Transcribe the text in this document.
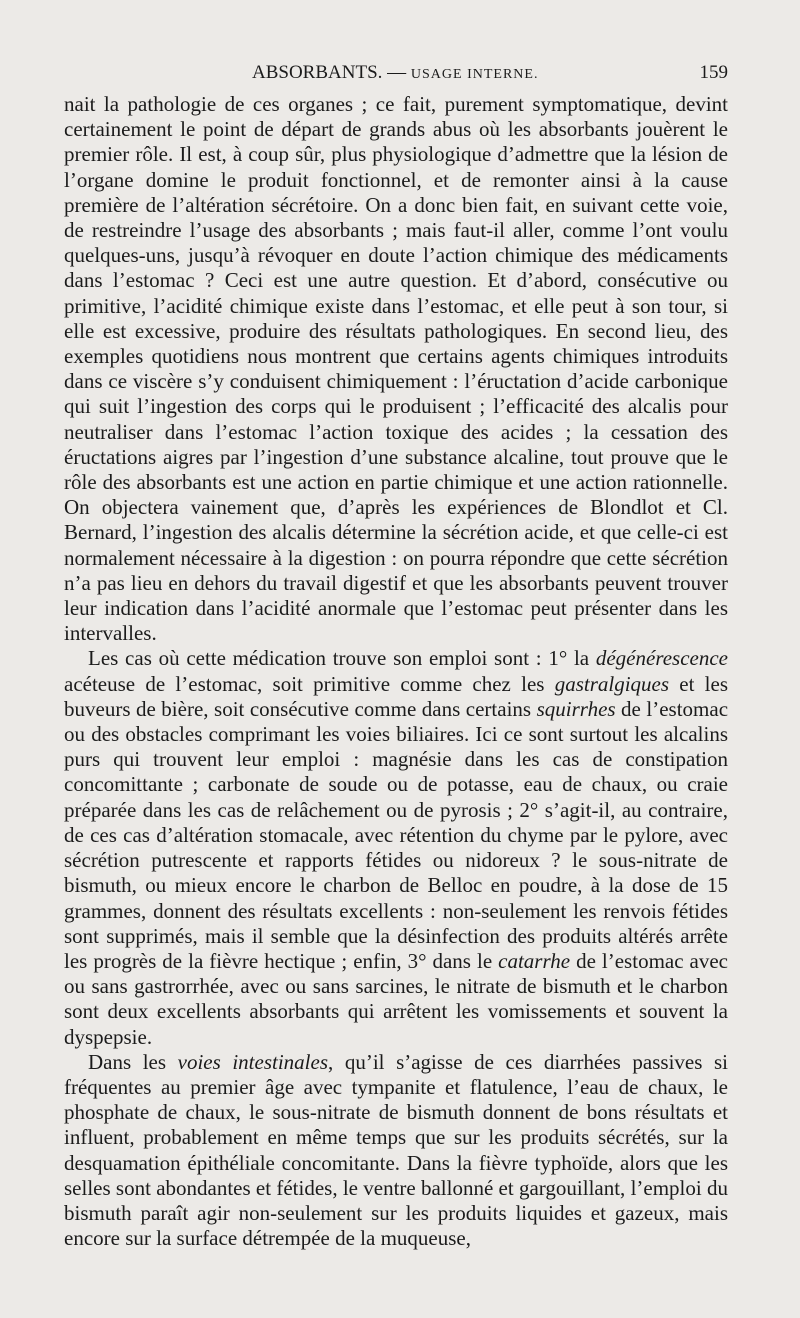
ABSORBANTS. — USAGE INTERNE.	159

nait la pathologie de ces organes ; ce fait, purement symptomatique, devint certainement le point de départ de grands abus où les absorbants jouèrent le premier rôle. Il est, à coup sûr, plus physiologique d’admettre que la lésion de l’organe domine le produit fonctionnel, et de remonter ainsi à la cause première de l’altération sécrétoire. On a donc bien fait, en suivant cette voie, de restreindre l’usage des absorbants ; mais faut-il aller, comme l’ont voulu quelques-uns, jusqu’à révoquer en doute l’action chimique des médicaments dans l’estomac ? Ceci est une autre question. Et d’abord, consécutive ou primitive, l’acidité chimique existe dans l’estomac, et elle peut à son tour, si elle est excessive, produire des résultats pathologiques. En second lieu, des exemples quotidiens nous montrent que certains agents chimiques introduits dans ce viscère s’y conduisent chimiquement : l’éructation d’acide carbonique qui suit l’ingestion des corps qui le produisent ; l’efficacité des alcalis pour neutraliser dans l’estomac l’action toxique des acides ; la cessation des éructations aigres par l’ingestion d’une substance alcaline, tout prouve que le rôle des absorbants est une action en partie chimique et une action rationnelle. On objectera vainement que, d’après les expériences de Blondlot et Cl. Bernard, l’ingestion des alcalis détermine la sécrétion acide, et que celle-ci est normalement nécessaire à la digestion : on pourra répondre que cette sécrétion n’a pas lieu en dehors du travail digestif et que les absorbants peuvent trouver leur indication dans l’acidité anormale que l’estomac peut présenter dans les intervalles.

Les cas où cette médication trouve son emploi sont : 1° la dégénérescence acéteuse de l’estomac, soit primitive comme chez les gastralgiques et les buveurs de bière, soit consécutive comme dans certains squirrhes de l’estomac ou des obstacles comprimant les voies biliaires. Ici ce sont surtout les alcalins purs qui trouvent leur emploi : magnésie dans les cas de constipation concomittante ; carbonate de soude ou de potasse, eau de chaux, ou craie préparée dans les cas de relâchement ou de pyrosis ; 2° s’agit-il, au contraire, de ces cas d’altération stomacale, avec rétention du chyme par le pylore, avec sécrétion putrescente et rapports fétides ou nidoreux ? le sous-nitrate de bismuth, ou mieux encore le charbon de Belloc en poudre, à la dose de 15 grammes, donnent des résultats excellents : non-seulement les renvois fétides sont supprimés, mais il semble que la désinfection des produits altérés arrête les progrès de la fièvre hectique ; enfin, 3° dans le catarrhe de l’estomac avec ou sans gastrorrhée, avec ou sans sarcines, le nitrate de bismuth et le charbon sont deux excellents absorbants qui arrêtent les vomissements et souvent la dyspepsie.

Dans les voies intestinales, qu’il s’agisse de ces diarrhées passives si fréquentes au premier âge avec tympanite et flatulence, l’eau de chaux, le phosphate de chaux, le sous-nitrate de bismuth donnent de bons résultats et influent, probablement en même temps que sur les produits sécrétés, sur la desquamation épithéliale concomitante. Dans la fièvre typhoïde, alors que les selles sont abondantes et fétides, le ventre ballonné et gargouillant, l’emploi du bismuth paraît agir non-seulement sur les produits liquides et gazeux, mais encore sur la surface détrempée de la muqueuse,
